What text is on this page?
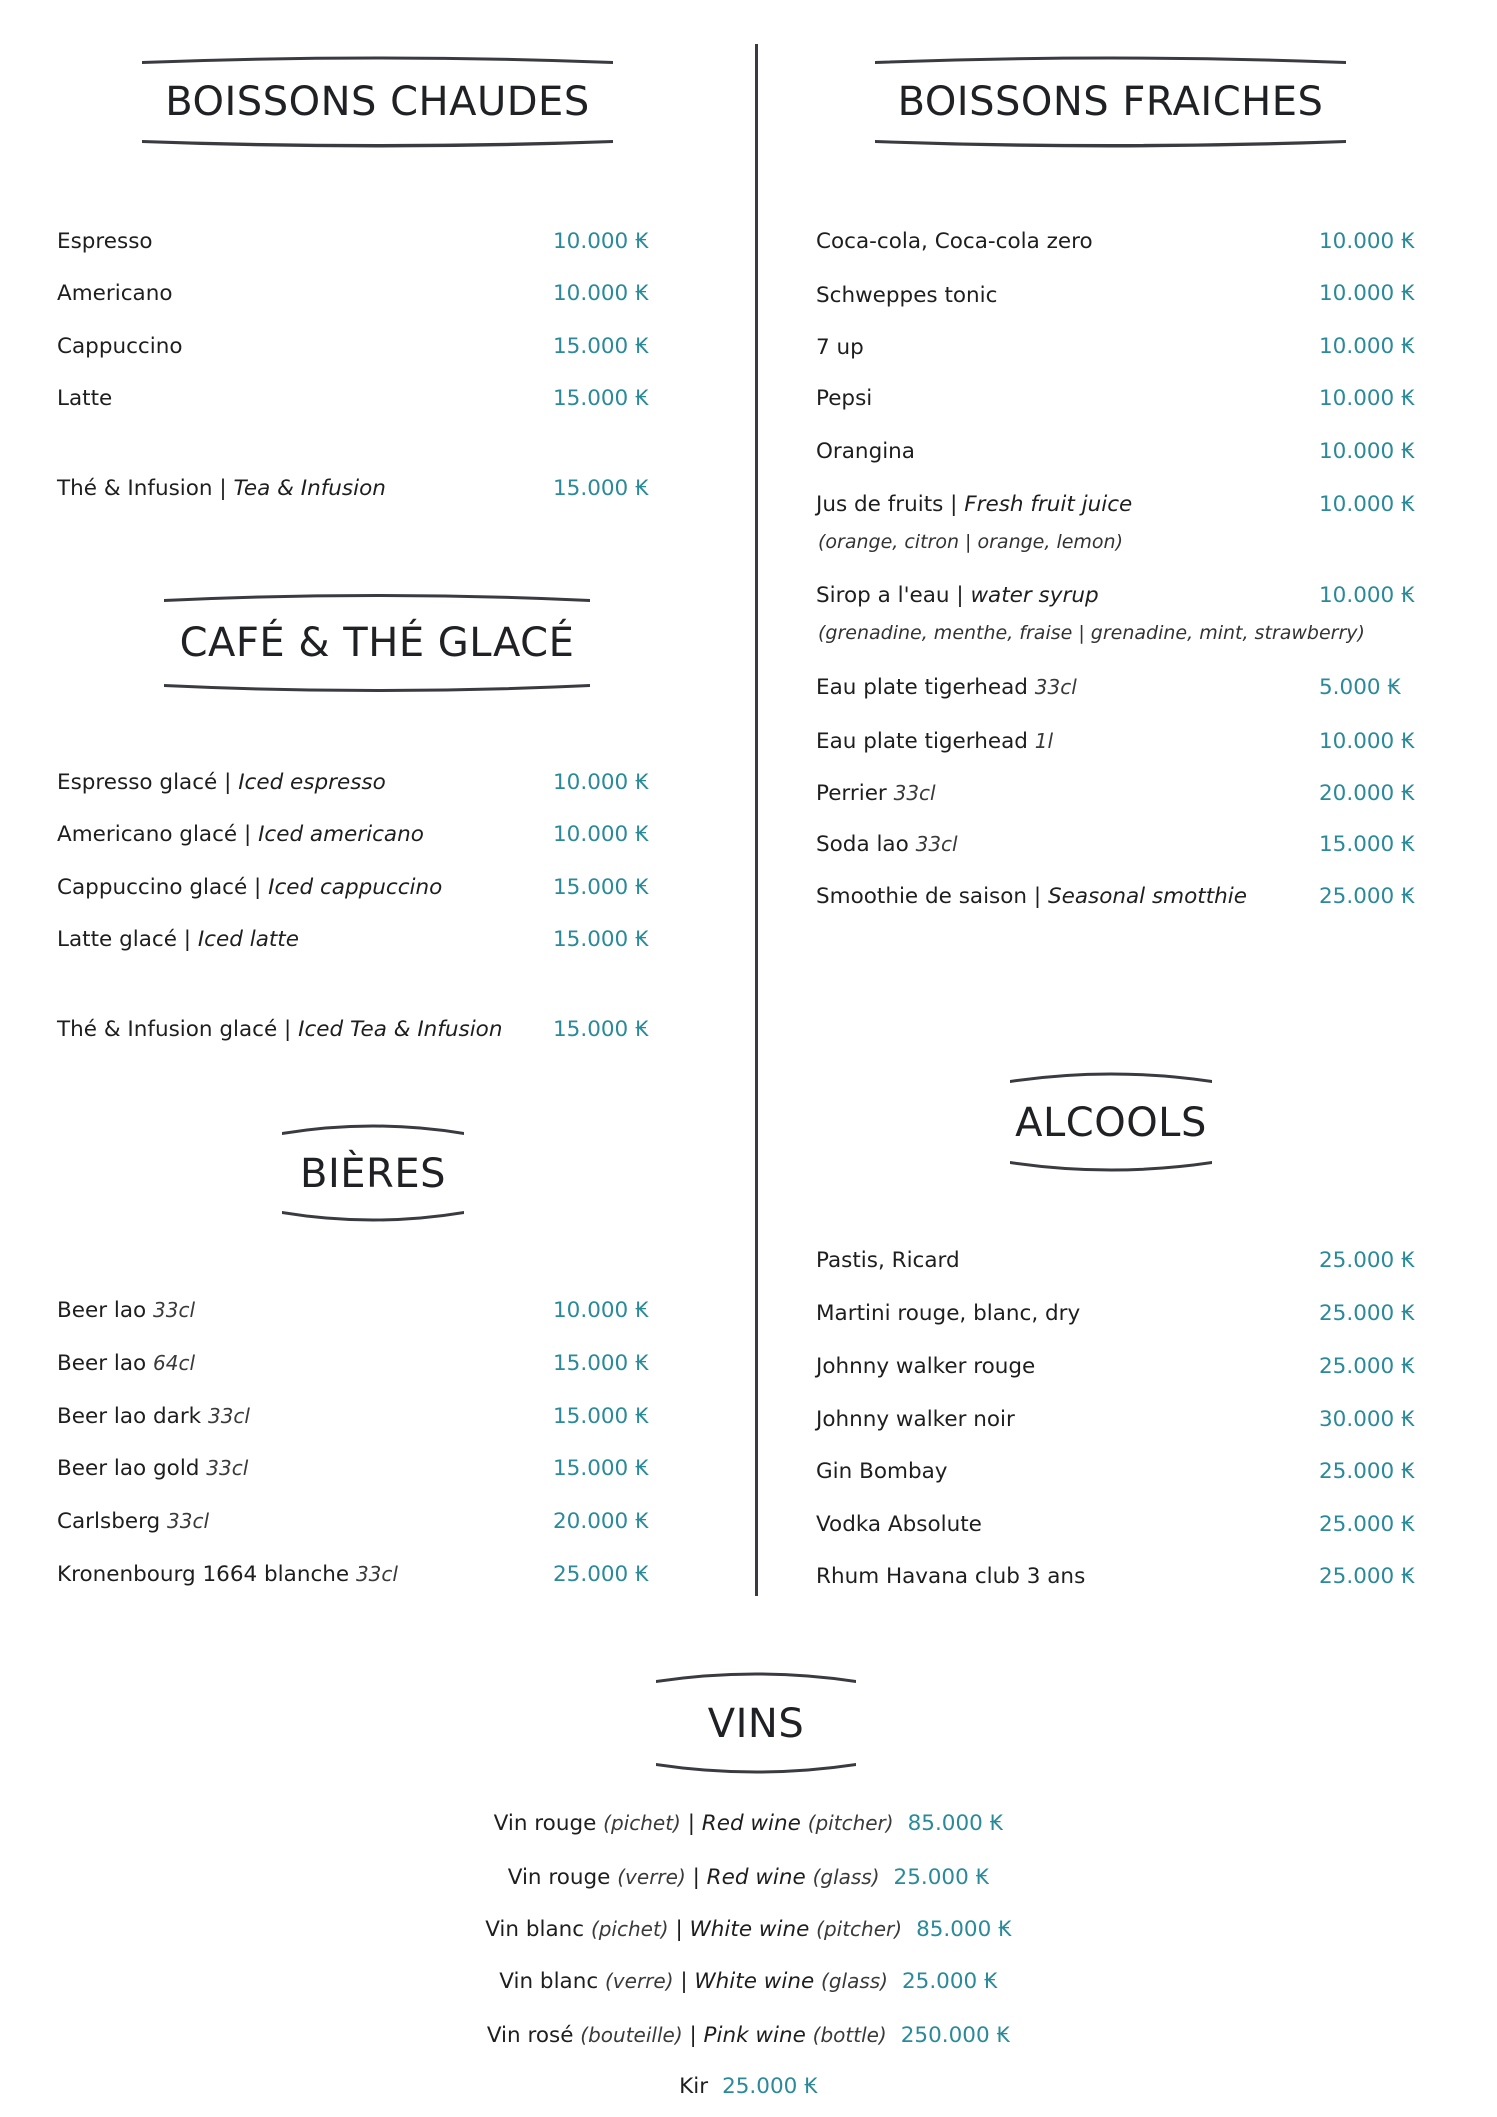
BOISSONS CHAUDES	BOISSONS FRAICHES
CAFÉ & THÉ GLACÉ
BIÈRES
ALCOOLS
VINS
Espresso	10.000 ₭
Americano	10.000 ₭
Cappuccino	15.000 ₭
Latte	15.000 ₭
Thé & Infusion | Tea & Infusion	15.000 ₭
Espresso glacé | Iced espresso	10.000 ₭
Americano glacé | Iced americano	10.000 ₭
Cappuccino glacé | Iced cappuccino	15.000 ₭
Latte glacé | Iced latte	15.000 ₭
Thé & Infusion glacé | Iced Tea & Infusion 15.000 ₭
Beer lao 33cl	10.000 ₭
Beer lao 64cl	15.000 ₭
Beer lao dark 33cl	15.000 ₭
Beer lao gold 33cl	15.000 ₭
Carlsberg 33cl	20.000 ₭
Kronenbourg 1664 blanche 33cl	25.000 ₭
Coca-cola, Coca-cola zero	10.000 ₭
Schweppes tonic	10.000 ₭
7 up	10.000 ₭
Pepsi	10.000 ₭
Orangina	10.000 ₭
Jus de fruits | Fresh fruit juice	10.000 ₭
(orange, citron | orange, lemon)
Sirop a l'eau | water syrup	10.000 ₭
(grenadine, menthe, fraise | grenadine, mint, strawberry)
Eau plate tigerhead 33cl	5.000 ₭
Eau plate tigerhead 1l	10.000 ₭
Perrier 33cl	20.000 ₭
Soda lao 33cl	15.000 ₭
Smoothie de saison | Seasonal smotthie	25.000 ₭
Pastis, Ricard	25.000 ₭
Martini rouge, blanc, dry	25.000 ₭
Johnny walker rouge	25.000 ₭
Johnny walker noir	30.000 ₭
Gin Bombay	25.000 ₭
Vodka Absolute	25.000 ₭
Rhum Havana club 3 ans	25.000 ₭
Vin rouge (pichet) | Red wine (pitcher) 85.000 ₭
Vin rouge (verre) | Red wine (glass) 25.000 ₭
Vin blanc (pichet) | White wine (pitcher) 85.000 ₭
Vin blanc (verre) | White wine (glass) 25.000 ₭
Vin rosé (bouteille) | Pink wine (bottle) 250.000 ₭
Kir 25.000 ₭
